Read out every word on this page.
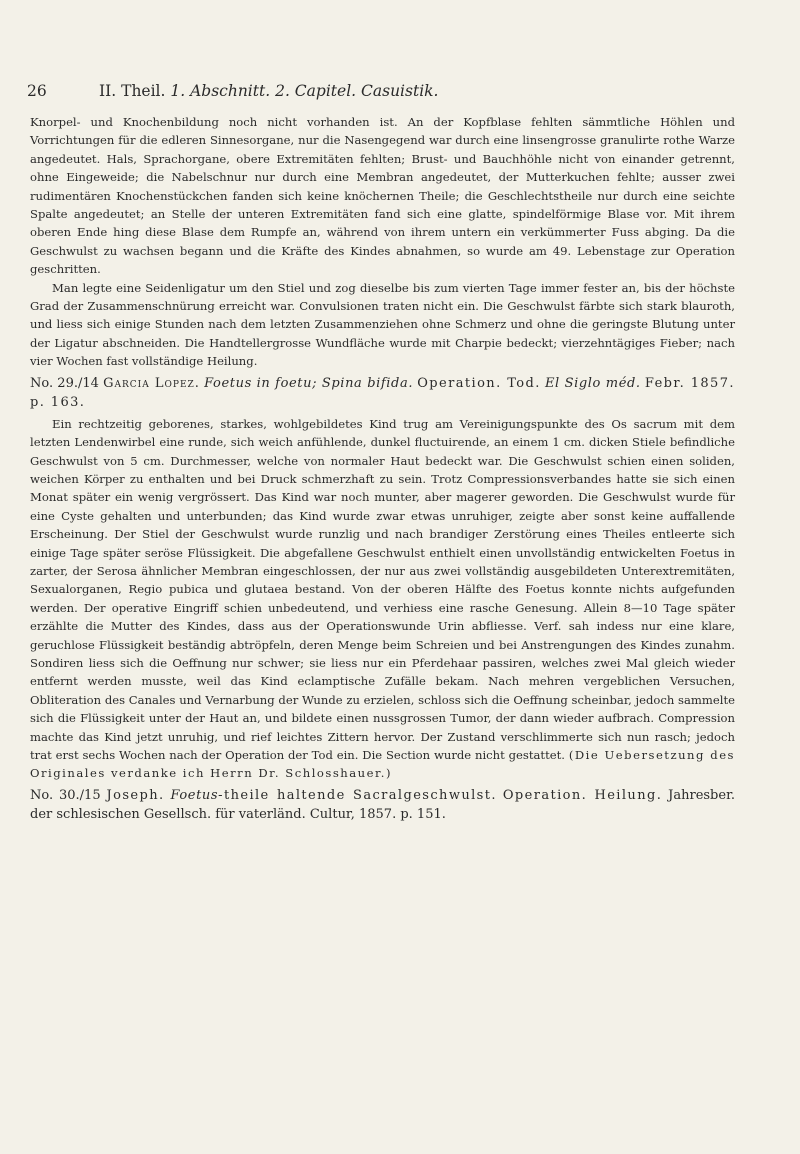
26	II. Theil. 1. Abschnitt. 2. Capitel. Casuistik.

Knorpel- und Knochenbildung noch nicht vorhanden ist. An der Kopfblase fehlten sämmtliche Höhlen und Vorrichtungen für die edleren Sinnesorgane, nur die Nasengegend war durch eine linsengrosse granulirte rothe Warze angedeutet. Hals, Sprachorgane, obere Extremitäten fehlten; Brust- und Bauchhöhle nicht von einander getrennt, ohne Eingeweide; die Nabelschnur nur durch eine Membran angedeutet, der Mutterkuchen fehlte; ausser zwei rudimentären Knochenstückchen fanden sich keine knöchernen Theile; die Geschlechtstheile nur durch eine seichte Spalte angedeutet; an Stelle der unteren Extremitäten fand sich eine glatte, spindelförmige Blase vor. Mit ihrem oberen Ende hing diese Blase dem Rumpfe an, während von ihrem untern ein verkümmerter Fuss abging. Da die Geschwulst zu wachsen begann und die Kräfte des Kindes abnahmen, so wurde am 49. Lebenstage zur Operation geschritten.

Man legte eine Seidenligatur um den Stiel und zog dieselbe bis zum vierten Tage immer fester an, bis der höchste Grad der Zusammenschnürung erreicht war. Convulsionen traten nicht ein. Die Geschwulst färbte sich stark blauroth, und liess sich einige Stunden nach dem letzten Zusammenziehen ohne Schmerz und ohne die geringste Blutung unter der Ligatur abschneiden. Die Handtellergrosse Wundfläche wurde mit Charpie bedeckt; vierzehntägiges Fieber; nach vier Wochen fast vollständige Heilung.

No. 29./14 Garcia Lopez. Foetus in foetu; Spina bifida. Operation. Tod. El Siglo méd. Febr. 1857. p. 163.

Ein rechtzeitig geborenes, starkes, wohlgebildetes Kind trug am Vereinigungspunkte des Os sacrum mit dem letzten Lendenwirbel eine runde, sich weich anfühlende, dunkel fluctuirende, an einem 1 cm. dicken Stiele befindliche Geschwulst von 5 cm. Durchmesser, welche von normaler Haut bedeckt war. Die Geschwulst schien einen soliden, weichen Körper zu enthalten und bei Druck schmerzhaft zu sein. Trotz Compressionsverbandes hatte sie sich einen Monat später ein wenig vergrössert. Das Kind war noch munter, aber magerer geworden. Die Geschwulst wurde für eine Cyste gehalten und unterbunden; das Kind wurde zwar etwas unruhiger, zeigte aber sonst keine auffallende Erscheinung. Der Stiel der Geschwulst wurde runzlig und nach brandiger Zerstörung eines Theiles entleerte sich einige Tage später seröse Flüssigkeit. Die abgefallene Geschwulst enthielt einen unvollständig entwickelten Foetus in zarter, der Serosa ähnlicher Membran eingeschlossen, der nur aus zwei vollständig ausgebildeten Unterextremitäten, Sexualorganen, Regio pubica und glutaea bestand. Von der oberen Hälfte des Foetus konnte nichts aufgefunden werden. Der operative Eingriff schien unbedeutend, und verhiess eine rasche Genesung. Allein 8—10 Tage später erzählte die Mutter des Kindes, dass aus der Operationswunde Urin abfliesse. Verf. sah indess nur eine klare, geruchlose Flüssigkeit beständig abtröpfeln, deren Menge beim Schreien und bei Anstrengungen des Kindes zunahm. Sondiren liess sich die Oeffnung nur schwer; sie liess nur ein Pferdehaar passiren, welches zwei Mal gleich wieder entfernt werden musste, weil das Kind eclamptische Zufälle bekam. Nach mehren vergeblichen Versuchen, Obliteration des Canales und Vernarbung der Wunde zu erzielen, schloss sich die Oeffnung scheinbar, jedoch sammelte sich die Flüssigkeit unter der Haut an, und bildete einen nussgrossen Tumor, der dann wieder aufbrach. Compression machte das Kind jetzt unruhig, und rief leichtes Zittern hervor. Der Zustand verschlimmerte sich nun rasch; jedoch trat erst sechs Wochen nach der Operation der Tod ein. Die Section wurde nicht gestattet. (Die Uebersetzung des Originales verdanke ich Herrn Dr. Schlosshauer.)

No. 30./15 Joseph. Foetus-theile haltende Sacralgeschwulst. Operation. Heilung. Jahresber. der schlesischen Gesellsch. für vaterländ. Cultur, 1857. p. 151.
